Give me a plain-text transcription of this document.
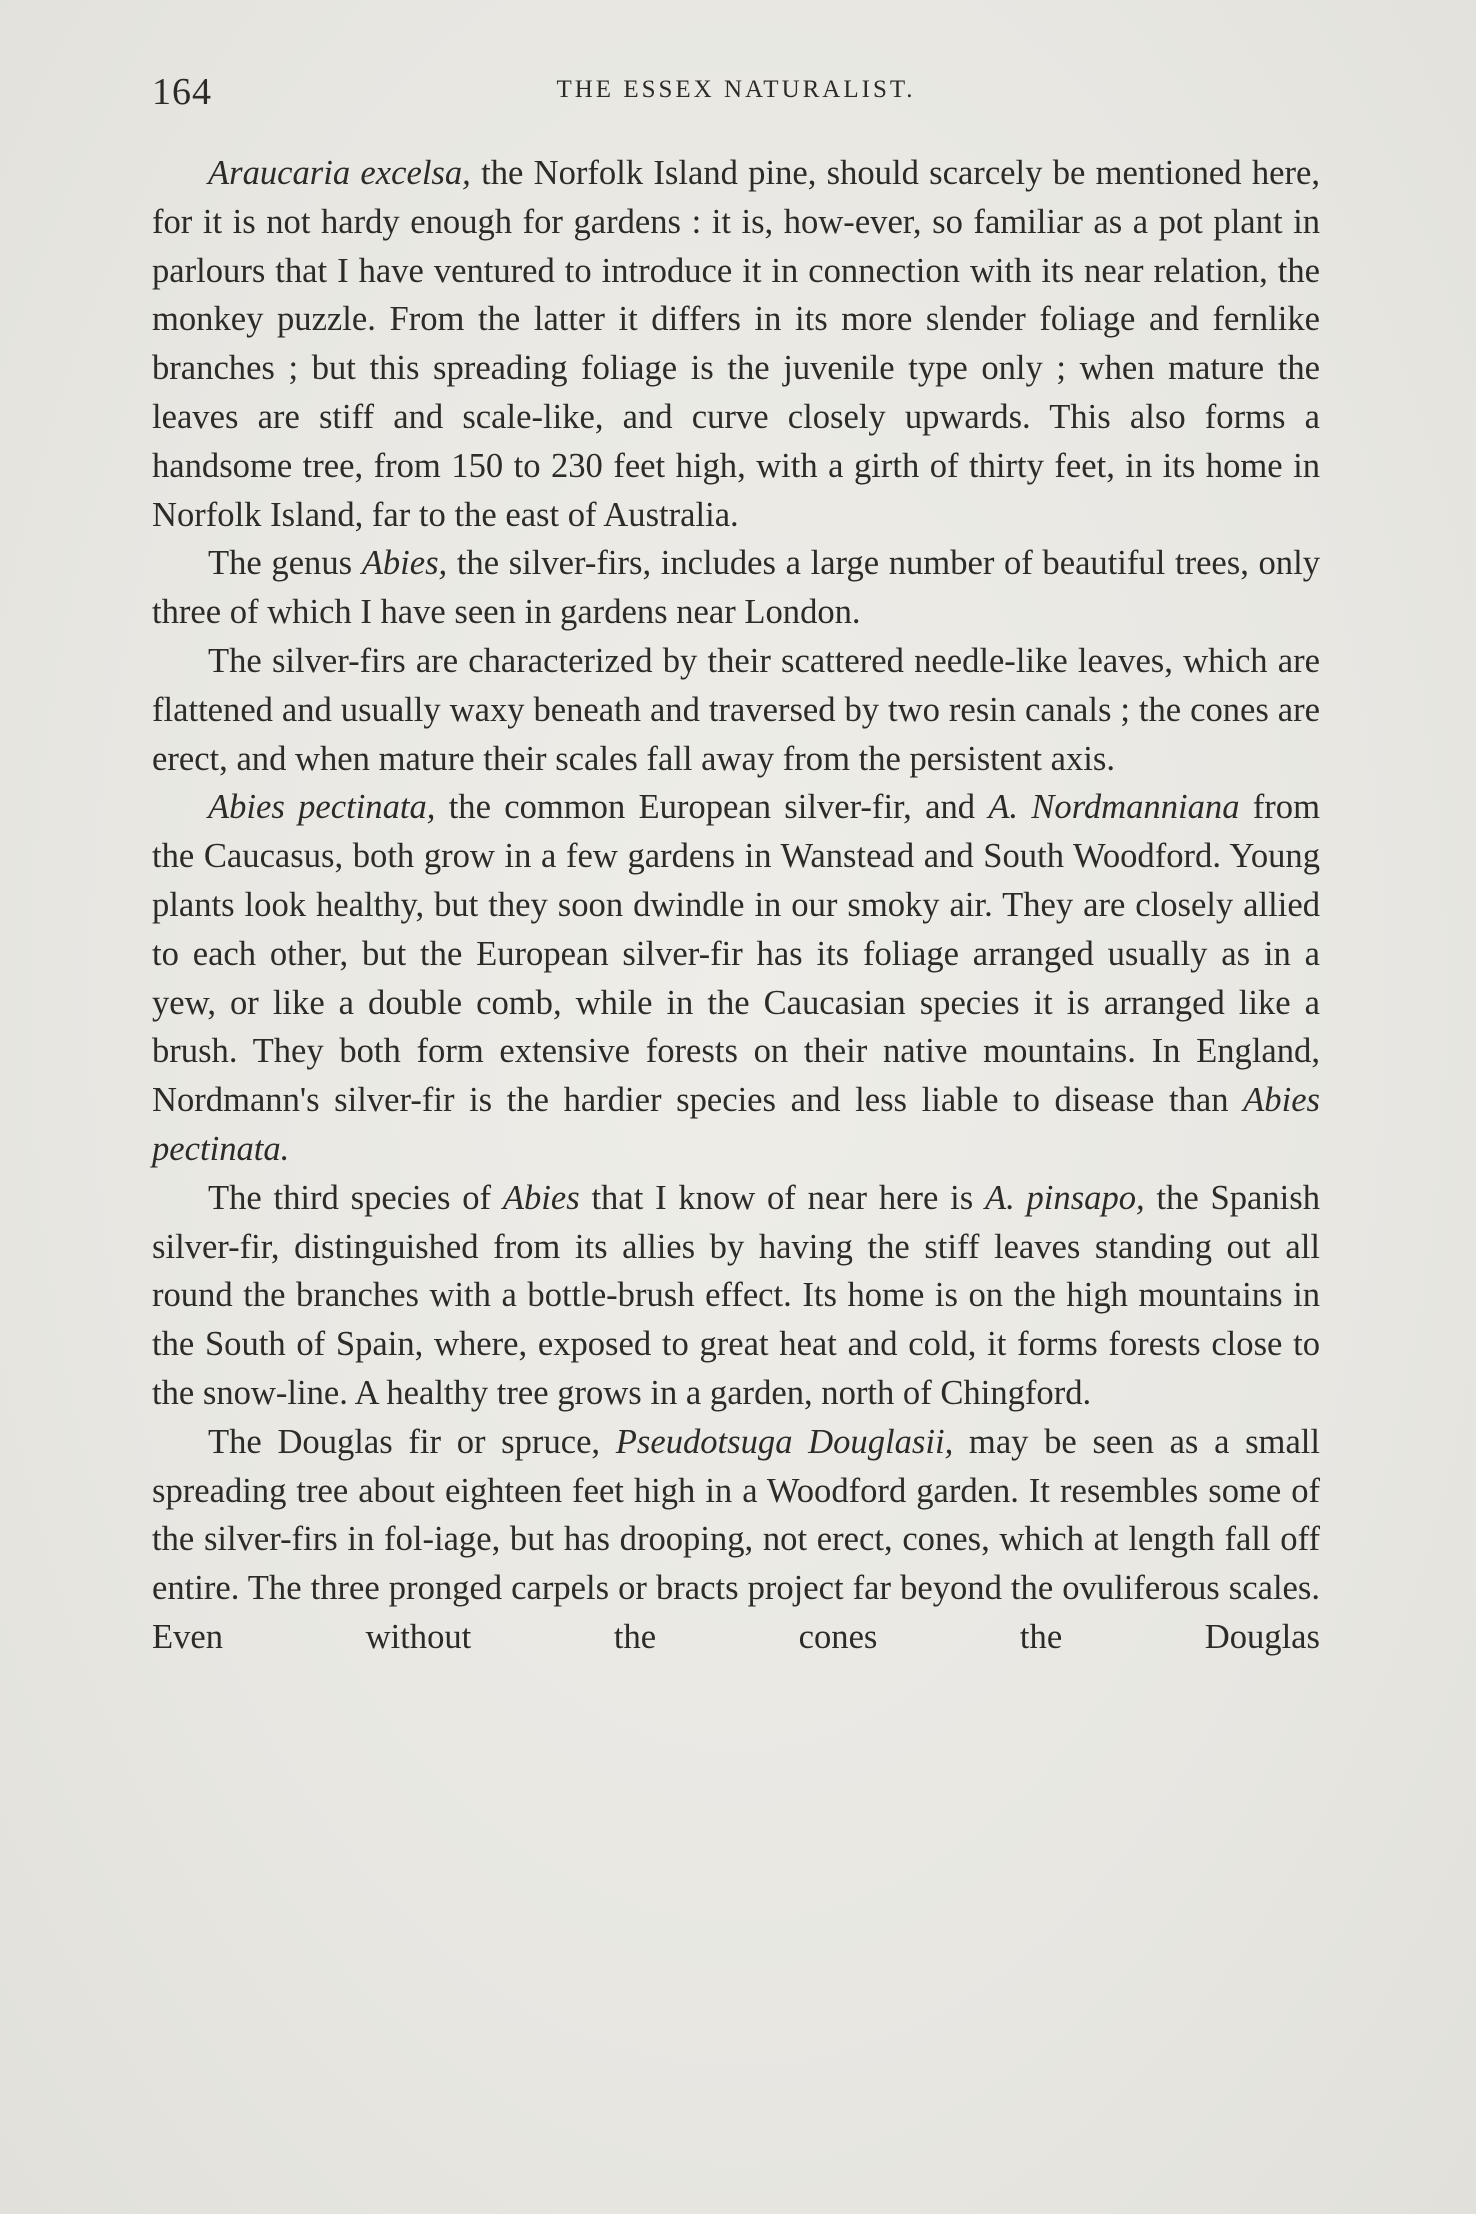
164	THE ESSEX NATURALIST.

Araucaria excelsa, the Norfolk Island pine, should scarcely be mentioned here, for it is not hardy enough for gardens : it is, how-ever, so familiar as a pot plant in parlours that I have ventured to introduce it in connection with its near relation, the monkey puzzle. From the latter it differs in its more slender foliage and fernlike branches ; but this spreading foliage is the juvenile type only ; when mature the leaves are stiff and scale-like, and curve closely upwards. This also forms a handsome tree, from 150 to 230 feet high, with a girth of thirty feet, in its home in Norfolk Island, far to the east of Australia.

The genus Abies, the silver-firs, includes a large number of beautiful trees, only three of which I have seen in gardens near London.

The silver-firs are characterized by their scattered needle-like leaves, which are flattened and usually waxy beneath and traversed by two resin canals ; the cones are erect, and when mature their scales fall away from the persistent axis.

Abies pectinata, the common European silver-fir, and A. Nordmanniana from the Caucasus, both grow in a few gardens in Wanstead and South Woodford. Young plants look healthy, but they soon dwindle in our smoky air. They are closely allied to each other, but the European silver-fir has its foliage arranged usually as in a yew, or like a double comb, while in the Caucasian species it is arranged like a brush. They both form extensive forests on their native mountains. In England, Nordmann's silver-fir is the hardier species and less liable to disease than Abies pectinata.

The third species of Abies that I know of near here is A. pinsapo, the Spanish silver-fir, distinguished from its allies by having the stiff leaves standing out all round the branches with a bottle-brush effect. Its home is on the high mountains in the South of Spain, where, exposed to great heat and cold, it forms forests close to the snow-line. A healthy tree grows in a garden, north of Chingford.

The Douglas fir or spruce, Pseudotsuga Douglasii, may be seen as a small spreading tree about eighteen feet high in a Woodford garden. It resembles some of the silver-firs in fol-iage, but has drooping, not erect, cones, which at length fall off entire. The three pronged carpels or bracts project far beyond the ovuliferous scales. Even without the cones the Douglas
